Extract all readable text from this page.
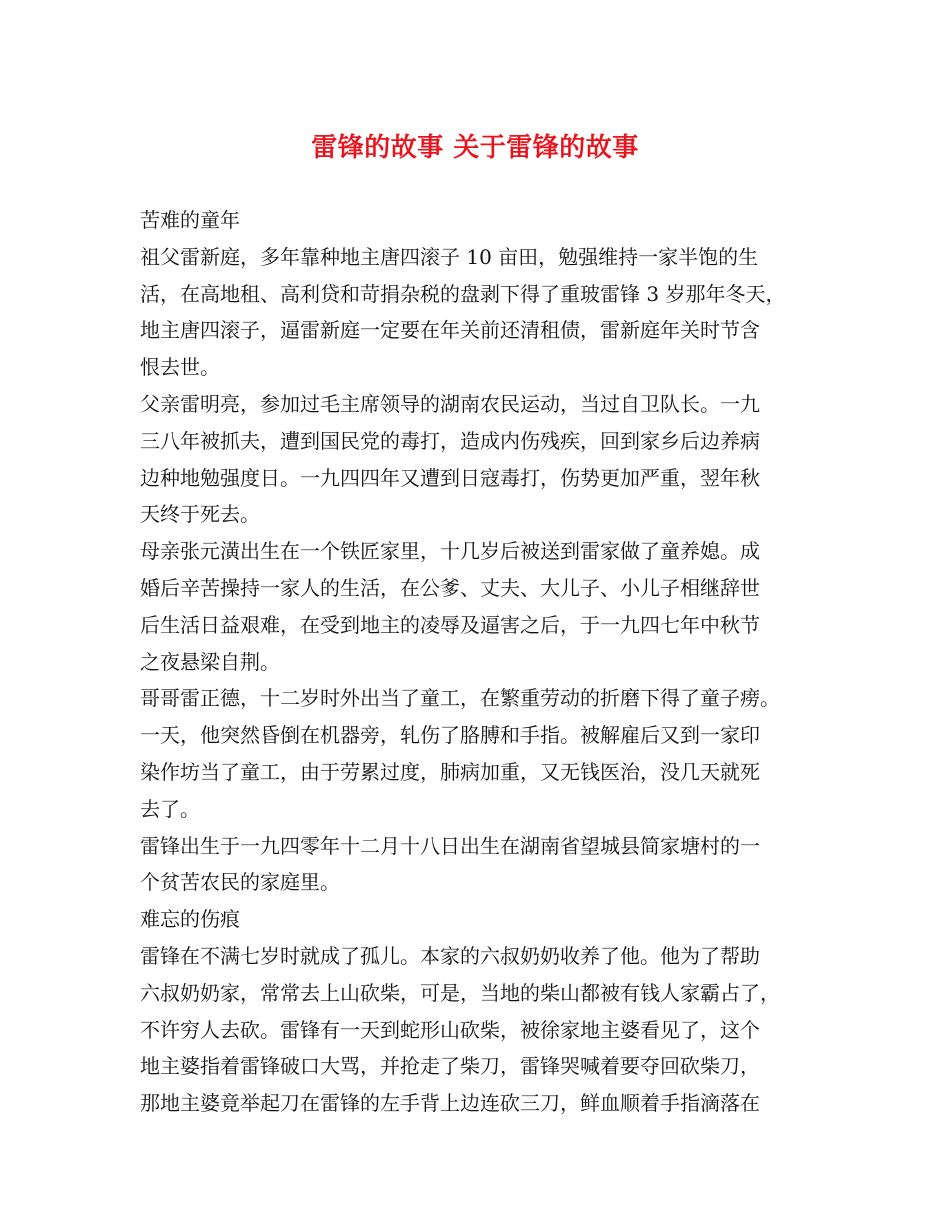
雷锋的故事 关于雷锋的故事
苦难的童年
祖父雷新庭，多年靠种地主唐四滚子 10 亩田，勉强维持一家半饱的生
活，在高地租、高利贷和苛捐杂税的盘剥下得了重玻雷锋 3 岁那年冬天，
地主唐四滚子，逼雷新庭一定要在年关前还清租债，雷新庭年关时节含
恨去世。
父亲雷明亮，参加过毛主席领导的湖南农民运动，当过自卫队长。一九
三八年被抓夫，遭到国民党的毒打，造成内伤残疾，回到家乡后边养病
边种地勉强度日。一九四四年又遭到日寇毒打，伤势更加严重，翌年秋
天终于死去。
母亲张元潢出生在一个铁匠家里，十几岁后被送到雷家做了童养媳。成
婚后辛苦操持一家人的生活，在公爹、丈夫、大儿子、小儿子相继辞世
后生活日益艰难，在受到地主的凌辱及逼害之后，于一九四七年中秋节
之夜悬梁自荆。
哥哥雷正德，十二岁时外出当了童工，在繁重劳动的折磨下得了童子痨。
一天，他突然昏倒在机器旁，轧伤了胳膊和手指。被解雇后又到一家印
染作坊当了童工，由于劳累过度，肺病加重，又无钱医治，没几天就死
去了。
雷锋出生于一九四零年十二月十八日出生在湖南省望城县简家塘村的一
个贫苦农民的家庭里。
难忘的伤痕
雷锋在不满七岁时就成了孤儿。本家的六叔奶奶收养了他。他为了帮助
六叔奶奶家，常常去上山砍柴，可是，当地的柴山都被有钱人家霸占了，
不许穷人去砍。雷锋有一天到蛇形山砍柴，被徐家地主婆看见了，这个
地主婆指着雷锋破口大骂，并抢走了柴刀，雷锋哭喊着要夺回砍柴刀，
那地主婆竟举起刀在雷锋的左手背上边连砍三刀，鲜血顺着手指滴落在
